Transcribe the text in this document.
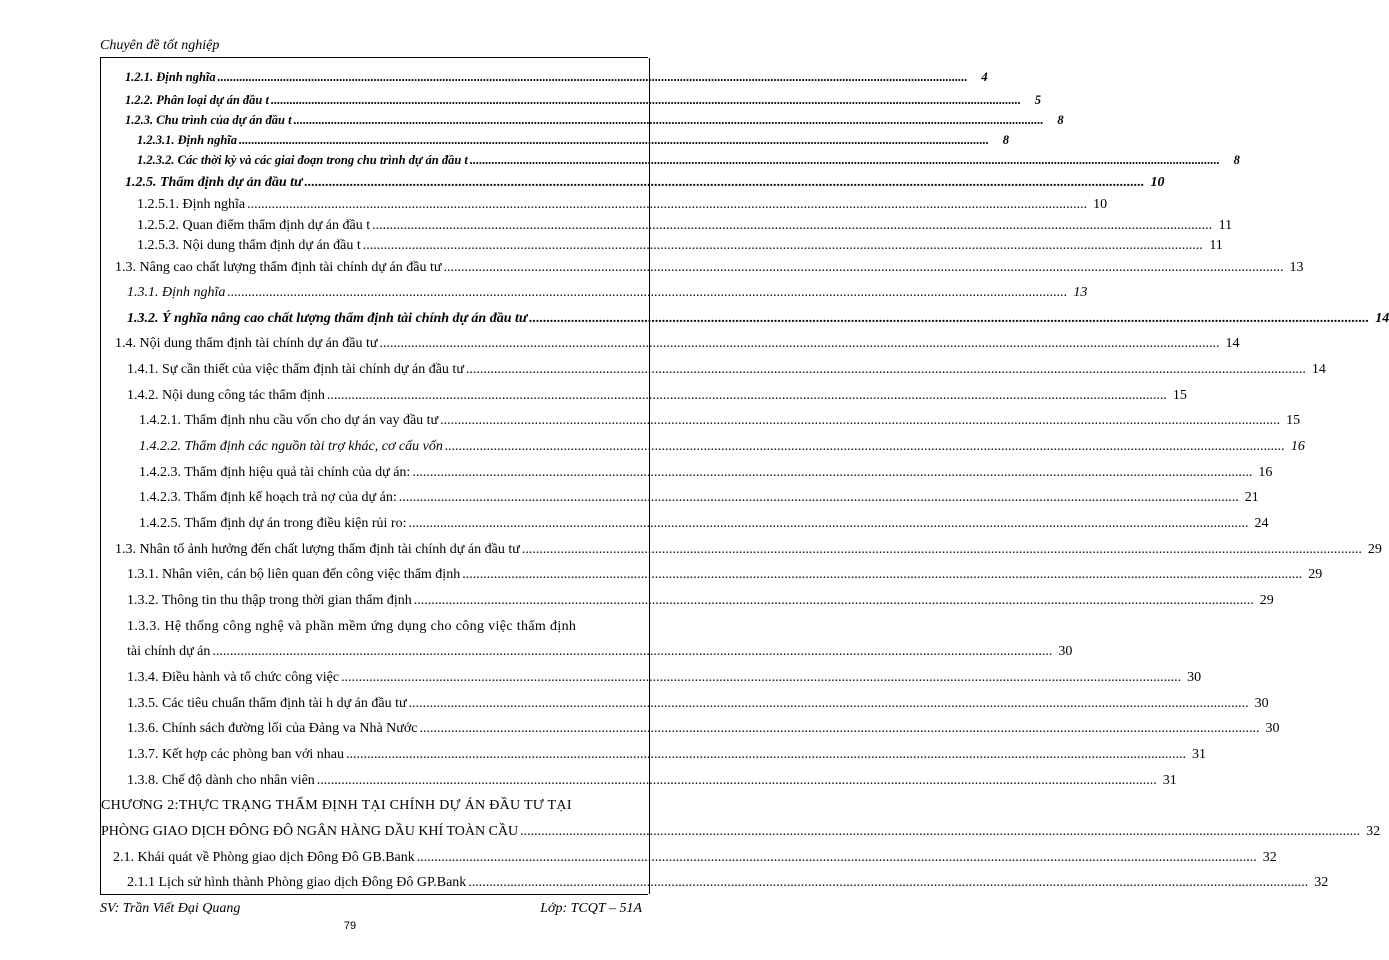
Chuyên đề tốt nghiệp
1.2.1. Định nghĩa .....	4
1.2.2. Phân loại dự án đầu t .....	5
1.2.3. Chu trình của dự án đầu t .....	8
1.2.3.1. Định nghĩa .....	8
1.2.3.2. Các thời kỳ và các giai đoạn trong chu trình dự án đầu t .....	8
1.2.5. Thẩm định dự ản đầu tư .....	10
1.2.5.1. Định nghĩa .....	10
1.2.5.2. Quan điểm thẩm định dự án đầu t .....	11
1.2.5.3. Nội dung thẩm định dự án đầu t .....	11
1.3. Nâng cao chất lượng thẩm định tài chính dự án đầu tư .....	13
1.3.1. Định nghĩa .....	13
1.3.2. Ý nghĩa nâng cao chất lượng thẩm định tài chính dự án đầu tư .....	14
1.4. Nội dung thẩm định tài chính dự án đầu tư .....	14
1.4.1. Sự cần thiết của việc thẩm định tài chính dự án đầu tư .....	14
1.4.2. Nội dung công tác thẩm định .....	15
1.4.2.1. Thẩm định nhu cầu vốn cho dự án vay đầu tư .....	15
1.4.2.2. Thẩm định các nguồn tài trợ khác, cơ cấu vốn .....	16
1.4.2.3. Thẩm định hiệu quả tài chính của dự án: .....	16
1.4.2.3. Thẩm định kế hoạch trả nợ của dự án: .....	21
1.4.2.5. Thẩm định dự án trong điều kiện rủi ro: .....	24
1.3. Nhân tố ảnh hưởng đến chất lượng thẩm định tài chính dự án đầu tư .....	29
1.3.1. Nhân viên, cán bộ liên quan đến công việc thẩm định .....	29
1.3.2. Thông tin thu thập trong thời gian thẩm định .....	29
1.3.3. Hệ thống công nghệ và phần mềm ứng dụng cho công việc thẩm định
tài chính dự án .....	30
1.3.4. Điều hành và tổ chức công việc .....	30
1.3.5. Các tiêu chuẩn thẩm định tài h dự án đầu tư .....	30
1.3.6. Chính sách đường lối của Đảng va Nhà Nước .....	30
1.3.7. Kết hợp các phòng ban với nhau .....	31
1.3.8. Chế độ dành cho nhân viên .....	31
CHƯƠNG 2:THỰC TRẠNG THẨM ĐỊNH TẠI CHÍNH DỰ ÁN ĐẦU TƯ TẠI
PHÒNG GIAO DỊCH ĐÔNG ĐÔ NGÂN HÀNG DẦU KHÍ TOÀN CẦU .....	32
2.1. Khái quát về Phòng giao dịch Đông Đô GB.Bank .....	32
2.1.1 Lịch sử hình thành Phòng giao dịch Đông Đô GP.Bank .....	32
SV: Trần Viết Đại Quang	Lớp: TCQT – 51A
79
